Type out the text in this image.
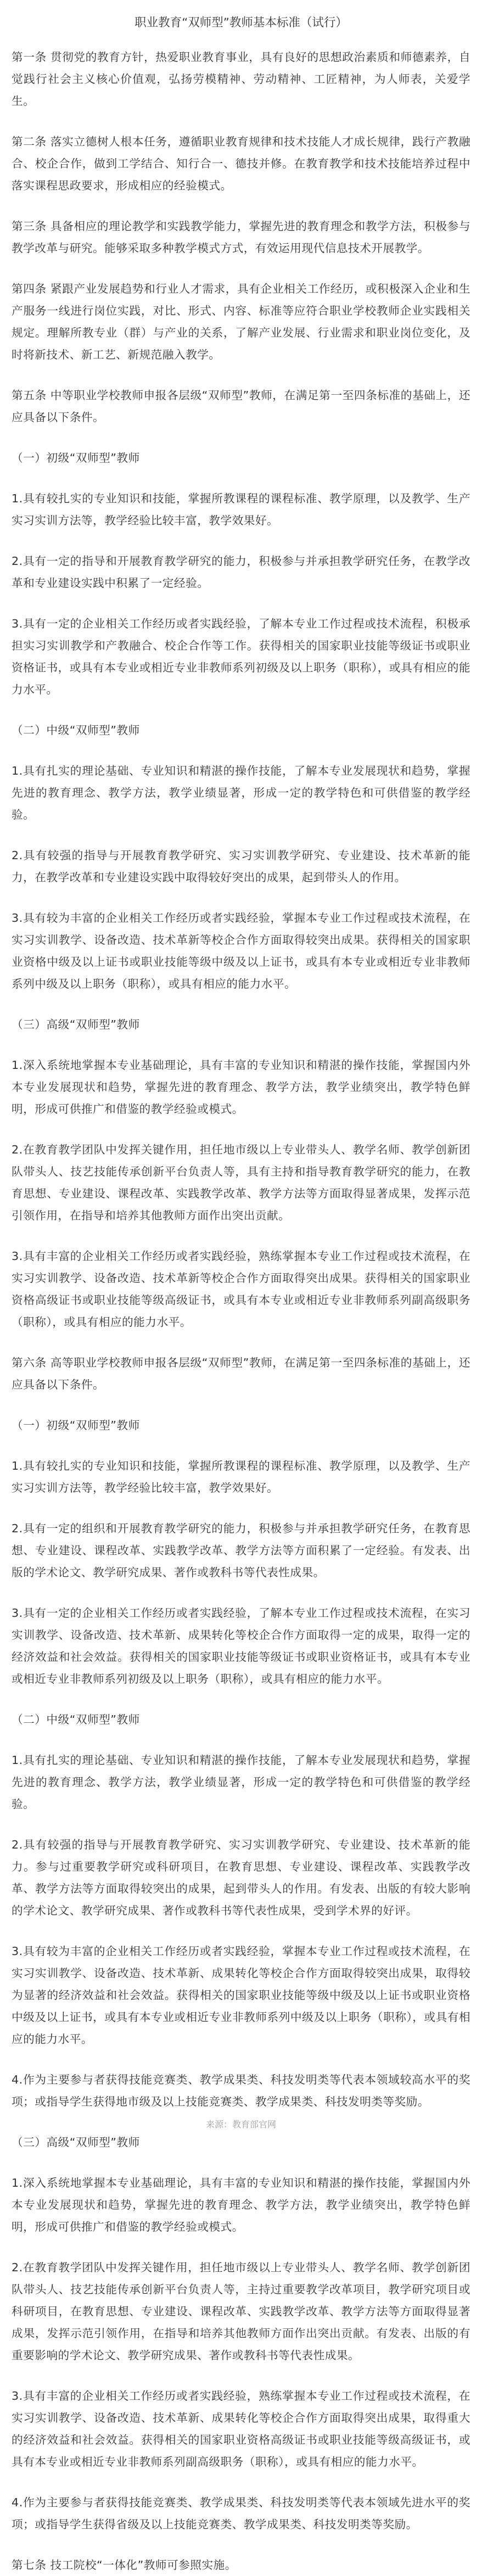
职业教育“双师型”教师基本标准（试行）

第一条 贯彻党的教育方针，热爱职业教育事业，具有良好的思想政治素质和师德素养，自觉践行社会主义核心价值观，弘扬劳模精神、劳动精神、工匠精神，为人师表，关爱学生。

第二条 落实立德树人根本任务，遵循职业教育规律和技术技能人才成长规律，践行产教融合、校企合作，做到工学结合、知行合一、德技并修。在教育教学和技术技能培养过程中落实课程思政要求，形成相应的经验模式。

第三条 具备相应的理论教学和实践教学能力，掌握先进的教育理念和教学方法，积极参与教学改革与研究。能够采取多种教学模式方式，有效运用现代信息技术开展教学。

第四条 紧跟产业发展趋势和行业人才需求，具有企业相关工作经历，或积极深入企业和生产服务一线进行岗位实践，对比、形式、内容、标准等应符合职业学校教师企业实践相关规定。理解所教专业（群）与产业的关系，了解产业发展、行业需求和职业岗位变化，及时将新技术、新工艺、新规范融入教学。

第五条 中等职业学校教师申报各层级“双师型”教师，在满足第一至四条标准的基础上，还应具备以下条件。

（一）初级“双师型”教师

1.具有较扎实的专业知识和技能，掌握所教课程的课程标准、教学原理，以及教学、生产实习实训方法等，教学经验比较丰富，教学效果好。

2.具有一定的指导和开展教育教学研究的能力，积极参与并承担教学研究任务，在教学改革和专业建设实践中积累了一定经验。

3.具有一定的企业相关工作经历或者实践经验，了解本专业工作过程或技术流程，积极承担实习实训教学和产教融合、校企合作等工作。获得相关的国家职业技能等级证书或职业资格证书，或具有本专业或相近专业非教师系列初级及以上职务（职称），或具有相应的能力水平。

（二）中级“双师型”教师

1.具有扎实的理论基础、专业知识和精湛的操作技能，了解本专业发展现状和趋势，掌握先进的教育理念、教学方法，教学业绩显著，形成一定的教学特色和可供借鉴的教学经验。

2.具有较强的指导与开展教育教学研究、实习实训教学研究、专业建设、技术革新的能力，在教学改革和专业建设实践中取得较好突出的成果，起到带头人的作用。

3.具有较为丰富的企业相关工作经历或者实践经验，掌握本专业工作过程或技术流程，在实习实训教学、设备改造、技术革新等校企合作方面取得较突出成果。获得相关的国家职业资格中级及以上证书或职业技能等级中级及以上证书，或具有本专业或相近专业非教师系列中级及以上职务（职称），或具有相应的能力水平。

（三）高级“双师型”教师

1.深入系统地掌握本专业基础理论，具有丰富的专业知识和精湛的操作技能，掌握国内外本专业发展现状和趋势，掌握先进的教育理念、教学方法，教学业绩突出，教学特色鲜明，形成可供推广和借鉴的教学经验或模式。

2.在教育教学团队中发挥关键作用，担任地市级以上专业带头人、教学名师、教学创新团队带头人、技艺技能传承创新平台负责人等，具有主持和指导教育教学研究的能力，在教育思想、专业建设、课程改革、实践教学改革、教学方法等方面取得显著成果，发挥示范引领作用，在指导和培养其他教师方面作出突出贡献。

3.具有丰富的企业相关工作经历或者实践经验，熟练掌握本专业工作过程或技术流程，在实习实训教学、设备改造、技术革新等校企合作方面取得突出成果。获得相关的国家职业资格高级证书或职业技能等级高级证书，或具有本专业或相近专业非教师系列副高级职务（职称），或具有相应的能力水平。

第六条 高等职业学校教师申报各层级“双师型”教师，在满足第一至四条标准的基础上，还应具备以下条件。

（一）初级“双师型”教师

1.具有较扎实的专业知识和技能，掌握所教课程的课程标准、教学原理，以及教学、生产实习实训方法等，教学经验比较丰富，教学效果好。

2.具有一定的组织和开展教育教学研究的能力，积极参与并承担教学研究任务，在教育思想、专业建设、课程改革、实践教学改革、教学方法等方面积累了一定经验。有发表、出版的学术论文、教学研究成果、著作或教科书等代表性成果。

3.具有一定的企业相关工作经历或者实践经验，了解本专业工作过程或技术流程，在实习实训教学、设备改造、技术革新、成果转化等校企合作方面取得一定的成果，取得一定的经济效益和社会效益。获得相关的国家职业技能等级证书或职业资格证书，或具有本专业或相近专业非教师系列初级及以上职务（职称），或具有相应的能力水平。

（二）中级“双师型”教师

1.具有扎实的理论基础、专业知识和精湛的操作技能，了解本专业发展现状和趋势，掌握先进的教育理念、教学方法，教学业绩显著，形成一定的教学特色和可供借鉴的教学经验。

2.具有较强的指导与开展教育教学研究、实习实训教学研究、专业建设、技术革新的能力。参与过重要教学研究或科研项目，在教育思想、专业建设、课程改革、实践教学改革、教学方法等方面取得较突出的成果，起到带头人的作用。有发表、出版的有较大影响的学术论文、教学研究成果、著作或教科书等代表性成果，受到学术界的好评。

3.具有较为丰富的企业相关工作经历或者实践经验，掌握本专业工作过程或技术流程，在实习实训教学、设备改造、技术革新、成果转化等校企合作方面取得较突出成果，取得较为显著的经济效益和社会效益。获得相关的国家职业技能等级中级及以上证书或职业资格中级及以上证书，或具有本专业或相近专业非教师系列中级及以上职务（职称），或具有相应的能力水平。

4.作为主要参与者获得技能竞赛类、教学成果类、科技发明类等代表本领域较高水平的奖项；或指导学生获得地市级及以上技能竞赛类、教学成果类、科技发明类等奖励。

（三）高级“双师型”教师

1.深入系统地掌握本专业基础理论，具有丰富的专业知识和精湛的操作技能，掌握国内外本专业发展现状和趋势，掌握先进的教育理念、教学方法，教学业绩突出，教学特色鲜明，形成可供推广和借鉴的教学经验或模式。

2.在教育教学团队中发挥关键作用，担任地市级以上专业带头人、教学名师、教学创新团队带头人、技艺技能传承创新平台负责人等，主持过重要教学改革项目，教学研究项目或科研项目，在教育思想、专业建设、课程改革、实践教学改革、教学方法等方面取得显著成果，发挥示范引领作用，在指导和培养其他教师方面作出突出贡献。有发表、出版的有重要影响的学术论文、教学研究成果、著作或教科书等代表性成果。

3.具有丰富的企业相关工作经历或者实践经验，熟练掌握本专业工作过程或技术流程，在实习实训教学、设备改造、技术革新、成果转化等校企合作方面取得突出成果，取得重大的经济效益和社会效益。获得相关的国家职业资格高级证书或职业技能等级高级证书，或具有本专业或相近专业非教师系列副高级职务（职称），或具有相应的能力水平。

4.作为主要参与者获得技能竞赛类、教学成果类、科技发明类等代表本领域先进水平的奖项；或指导学生获得省级及以上技能竞赛类、教学成果类、科技发明类等奖励。

第七条 技工院校“一体化”教师可参照实施。

来源：教育部官网
